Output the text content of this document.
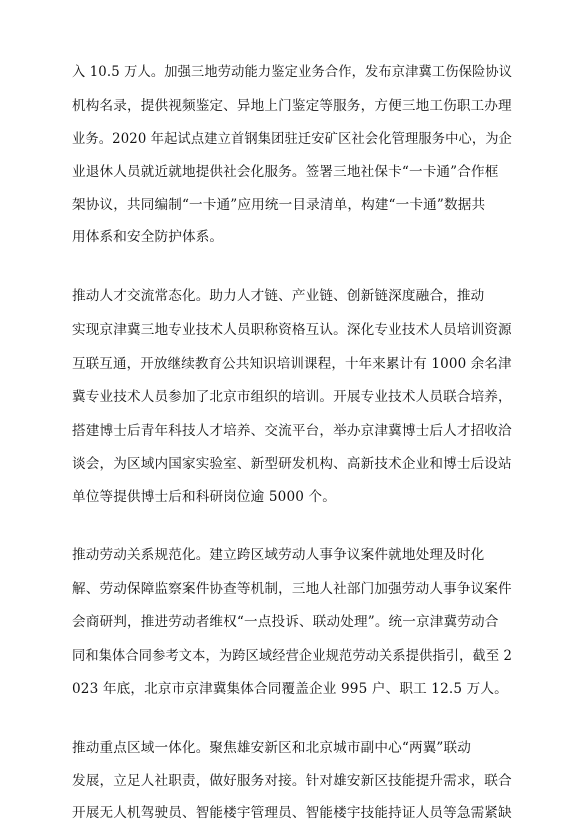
入 10.5 万人。加强三地劳动能力鉴定业务合作，发布京津冀工伤保险协议
机构名录，提供视频鉴定、异地上门鉴定等服务，方便三地工伤职工办理
业务。2020 年起试点建立首钢集团驻迁安矿区社会化管理服务中心，为企
业退休人员就近就地提供社会化服务。签署三地社保卡“一卡通”合作框
架协议，共同编制“一卡通”应用统一目录清单，构建“一卡通”数据共
用体系和安全防护体系。
推动人才交流常态化。助力人才链、产业链、创新链深度融合，推动
实现京津冀三地专业技术人员职称资格互认。深化专业技术人员培训资源
互联互通，开放继续教育公共知识培训课程，十年来累计有 1000 余名津
冀专业技术人员参加了北京市组织的培训。开展专业技术人员联合培养，
搭建博士后青年科技人才培养、交流平台，举办京津冀博士后人才招收洽
谈会，为区域内国家实验室、新型研发机构、高新技术企业和博士后设站
单位等提供博士后和科研岗位逾 5000 个。
推动劳动关系规范化。建立跨区域劳动人事争议案件就地处理及时化
解、劳动保障监察案件协查等机制，三地人社部门加强劳动人事争议案件
会商研判，推进劳动者维权“一点投诉、联动处理”。统一京津冀劳动合
同和集体合同参考文本，为跨区域经营企业规范劳动关系提供指引，截至 2
023 年底，北京市京津冀集体合同覆盖企业 995 户、职工 12.5 万人。
推动重点区域一体化。聚焦雄安新区和北京城市副中心“两翼”联动
发展，立足人社职责，做好服务对接。针对雄安新区技能提升需求，联合
开展无人机驾驶员、智能楼宇管理员、智能楼宇技能持证人员等急需紧缺
